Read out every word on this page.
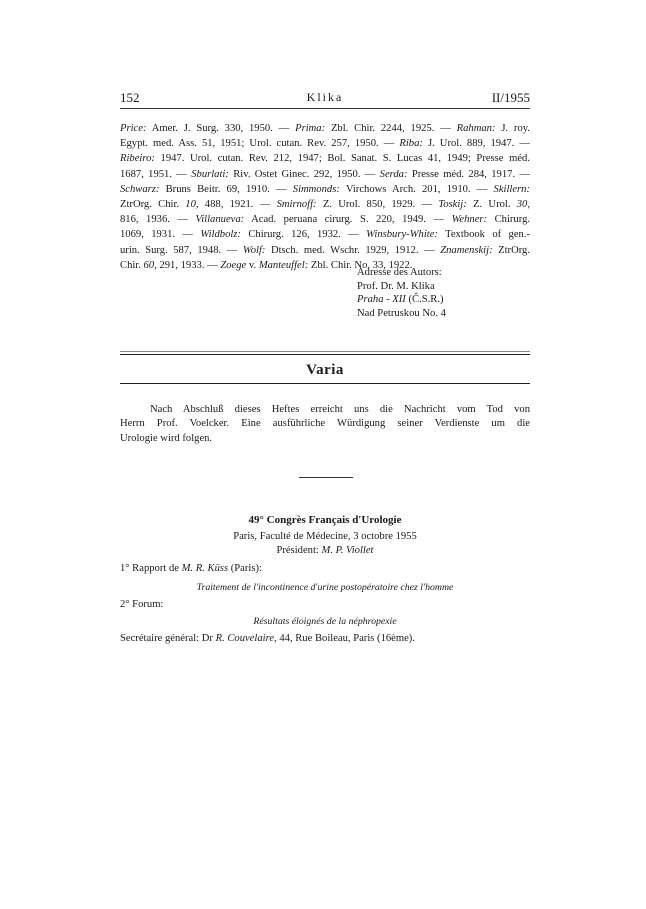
152	Klika	II/1955
Price: Amer. J. Surg. 330, 1950. — Prima: Zbl. Chir. 2244, 1925. — Rahman: J. roy.
Egypt. med. Ass. 51, 1951; Urol. cutan. Rev. 257, 1950. — Riba: J. Urol. 889, 1947. —
Ribeiro: 1947. Urol. cutan. Rev. 212, 1947; Bol. Sanat. S. Lucas 41, 1949; Presse méd.
1687, 1951. — Sburlati: Riv. Ostet Ginec. 292, 1950. — Serda: Presse méd. 284, 1917. —
Schwarz: Bruns Beitr. 69, 1910. — Simmonds: Virchows Arch. 201, 1910. — Skillern:
ZtrOrg. Chir. 10, 488, 1921. — Smirnoff: Z. Urol. 850, 1929. — Toskij: Z. Urol. 30,
816, 1936. — Villanueva: Acad. peruana cirurg. S. 220, 1949. — Wehner: Chirurg.
1069, 1931. — Wildbolz: Chirurg. 126, 1932. — Winsbury-White: Textbook of gen.-
urin. Surg. 587, 1948. — Wolf: Dtsch. med. Wschr. 1929, 1912. — Znamenskij: ZtrOrg.
Chir. 60, 291, 1933. — Zoege v. Manteuffel: Zbl. Chir. No. 33, 1922.
Adresse des Autors:
Prof. Dr. M. Klika
Praha - XII (Č.S.R.)
Nad Petruskou No. 4
Varia
Nach Abschluß dieses Heftes erreicht uns die Nachricht vom Tod von
Herrn Prof. Voelcker. Eine ausführliche Würdigung seiner Verdienste um die
Urologie wird folgen.
49° Congrès Français d'Urologie
Paris, Faculté de Médecine, 3 octobre 1955
Président: M. P. Viollet
1° Rapport de M. R. Küss (Paris):
Traitement de l'incontinence d'urine postopératoire chez l'homme
2° Forum:
Résultats éloignés de la néphropexie
Secrétaire général: Dr R. Couvelaire, 44, Rue Boileau, Paris (16ème).
